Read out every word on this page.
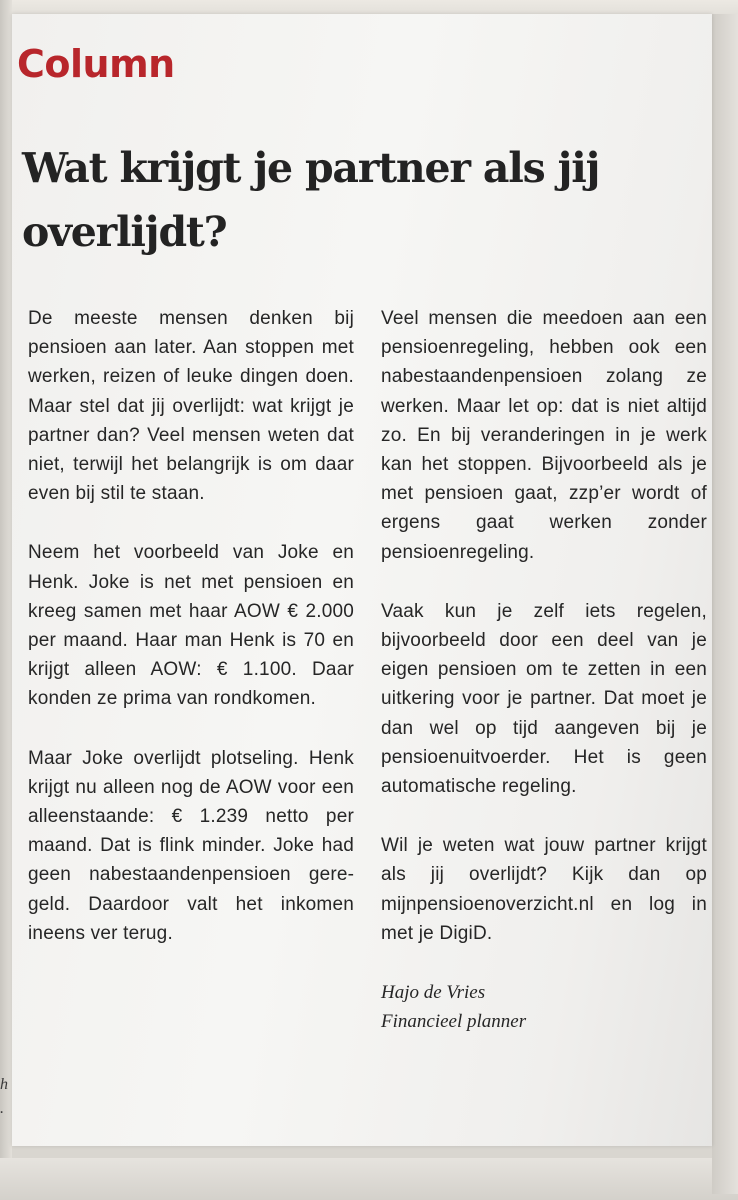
h
.
Column
Wat krijgt je partner als jij overlijdt?

De meeste mensen denken bij pensioen aan later. Aan stoppen met werken, reizen of leuke dingen doen. Maar stel dat jij overlijdt: wat krijgt je partner dan? Veel mensen weten dat niet, terwijl het belangrijk is om daar even bij stil te staan.

Neem het voorbeeld van Joke en Henk. Joke is net met pensioen en kreeg samen met haar AOW € 2.000 per maand. Haar man Henk is 70 en krijgt alleen AOW: € 1.100. Daar konden ze prima van rondkomen.

Maar Joke overlijdt plotseling. Henk krijgt nu alleen nog de AOW voor een alleenstaande: € 1.239 netto per maand. Dat is flink minder. Joke had geen nabestaandenpensioen geregeld. Daardoor valt het inkomen ineens ver terug.

Veel mensen die meedoen aan een pensioenregeling, hebben ook een nabestaandenpensioen zolang ze werken. Maar let op: dat is niet altijd zo. En bij veranderingen in je werk kan het stoppen. Bijvoorbeeld als je met pensioen gaat, zzp’er wordt of ergens gaat werken zonder pensioenregeling.

Vaak kun je zelf iets regelen, bijvoorbeeld door een deel van je eigen pensioen om te zetten in een uitkering voor je partner. Dat moet je dan wel op tijd aangeven bij je pensioenuitvoerder. Het is geen automatische regeling.

Wil je weten wat jouw partner krijgt als jij overlijdt? Kijk dan op mijnpensioenoverzicht.nl en log in met je DigiD.

Hajo de Vries

Financieel planner
